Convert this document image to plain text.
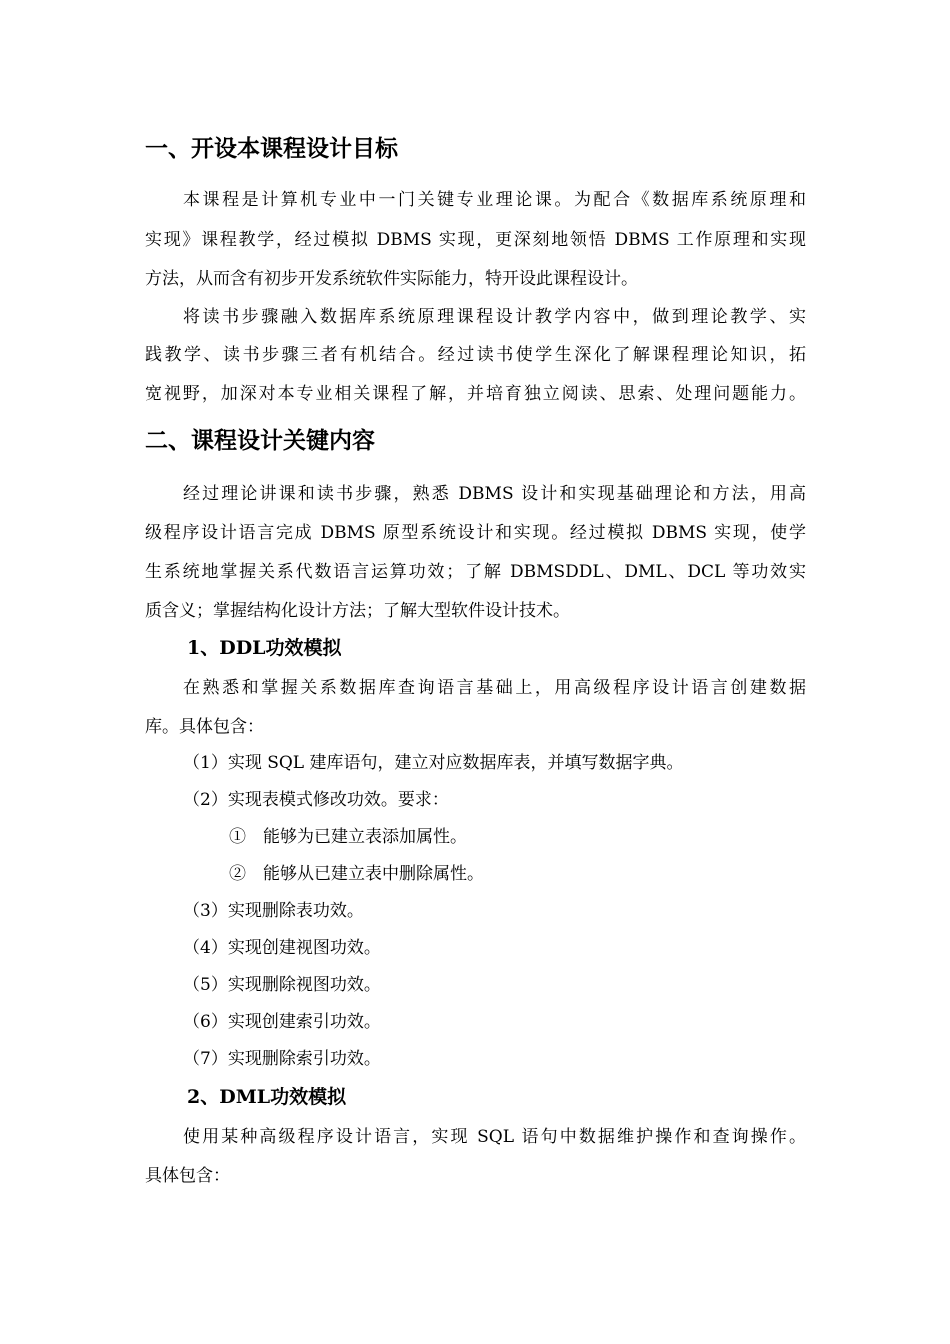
一、开设本课程设计目标
本课程是计算机专业中一门关键专业理论课。为配合《数据库系统原理和
实现》课程教学，经过模拟 DBMS 实现，更深刻地领悟 DBMS 工作原理和实现
方法，从而含有初步开发系统软件实际能力，特开设此课程设计。
将读书步骤融入数据库系统原理课程设计教学内容中，做到理论教学、实
践教学、读书步骤三者有机结合。经过读书使学生深化了解课程理论知识，拓
宽视野，加深对本专业相关课程了解，并培育独立阅读、思索、处理问题能力。
二、课程设计关键内容
经过理论讲课和读书步骤，熟悉 DBMS 设计和实现基础理论和方法，用高
级程序设计语言完成 DBMS 原型系统设计和实现。经过模拟 DBMS 实现，使学
生系统地掌握关系代数语言运算功效；了解 DBMSDDL、DML、DCL 等功效实
质含义；掌握结构化设计方法；了解大型软件设计技术。
1、DDL功效模拟
在熟悉和掌握关系数据库查询语言基础上，用高级程序设计语言创建数据
库。具体包含：
（1）实现 SQL 建库语句，建立对应数据库表，并填写数据字典。
（2）实现表模式修改功效。要求：
①　能够为已建立表添加属性。
②　能够从已建立表中删除属性。
（3）实现删除表功效。
（4）实现创建视图功效。
（5）实现删除视图功效。
（6）实现创建索引功效。
（7）实现删除索引功效。
2、DML功效模拟
使用某种高级程序设计语言，实现 SQL 语句中数据维护操作和查询操作。
具体包含：
